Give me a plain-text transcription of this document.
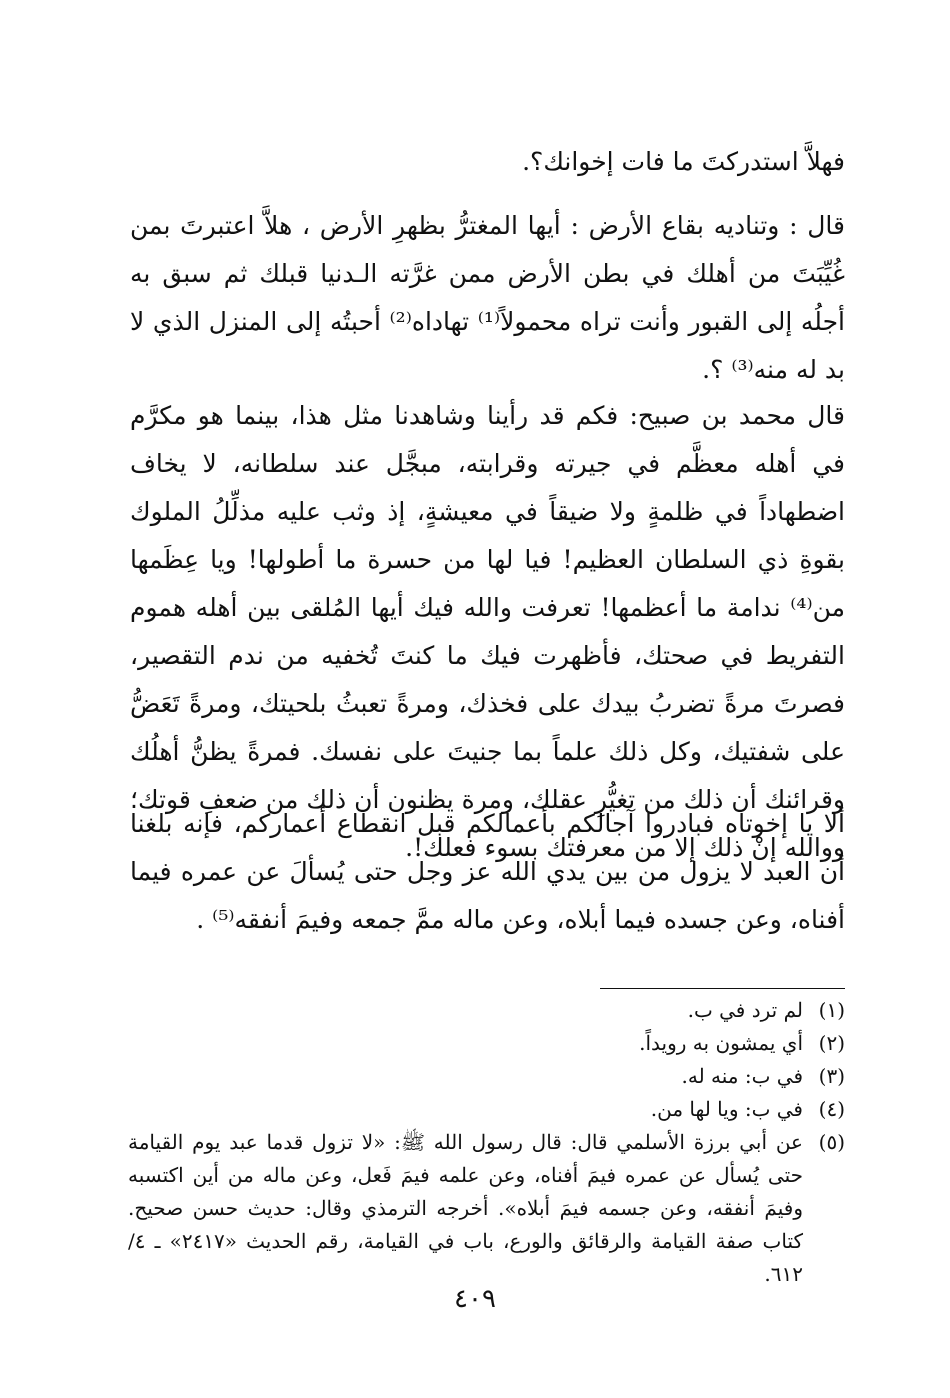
فهلاَّ استدركتَ ما فات إخوانك؟.

قال : وتناديه بقاع الأرض : أيها المغترُّ بظهرِ الأرض ، هلاَّ اعتبرتَ بمن غُيِّبَتَ من أهلك في بطن الأرض ممن غرَّته الـدنيا قبلك ثم سبق به أجلُه إلى القبور وأنت تراه محمولاً⁽¹⁾ تهاداه⁽²⁾ أحبتُه إلى المنزل الذي لا بد له منه⁽³⁾ ؟.

قال محمد بن صبيح: فكم قد رأينا وشاهدنا مثل هذا، بينما هو مكرَّم في أهله معظَّم في جيرته وقرابته، مبجَّل عند سلطانه، لا يخاف اضطهاداً في ظلمةٍ ولا ضيقاً في معيشةٍ، إذ وثب عليه مذلِّلُ الملوك بقوةِ ذي السلطان العظيم! فيا لها من حسرة ما أطولها! ويا عِظَمها من⁽⁴⁾ ندامة ما أعظمها! تعرفت والله فيك أيها المُلقى بين أهله هموم التفريط في صحتك، فأظهرت فيك ما كنتَ تُخفيه من ندم التقصير، فصرتَ مرةً تضربُ بيدك على فخذك، ومرةً تعبثُ بلحيتك، ومرةً تَعَضُّ على شفتيك، وكل ذلك علماً بما جنيتَ على نفسك. فمرةً يظنُّ أهلُك وقرائنك أن ذلك من تغيُّرِ عقلك، ومرة يظنون أن ذلك من ضعفِ قوتك؛ ووالله إنْ ذلك إلا من معرفتك بسوء فعلك!.

ألا يا إخوتاه فبادروا آجالكم بأعمالكم قبل انقطاع أعماركم، فإنه بلغنا أن العبد لا يزول من بين يدي الله عز وجل حتى يُسألَ عن عمره فيما أفناه، وعن جسده فيما أبلاه، وعن ماله ممَّ جمعه وفيمَ أنفقه⁽⁵⁾ .

(١)
لم ترد في ب.
(٢)
أي يمشون به رويداً.
(٣)
في ب: منه له.
(٤)
في ب: ويا لها من.
(٥)
عن أبي برزة الأسلمي قال: قال رسول الله ﷺ: «لا تزول قدما عبد يوم القيامة حتى يُسأل عن عمره فيمَ أفناه، وعن علمه فيمَ فَعل، وعن ماله من أين اكتسبه وفيمَ أنفقه، وعن جسمه فيمَ أبلاه». أخرجه الترمذي وقال: حديث حسن صحيح. كتاب صفة القيامة والرقائق والورع، باب في القيامة، رقم الحديث «٢٤١٧» ـ ٤/ ٦١٢.
٤٠٩
